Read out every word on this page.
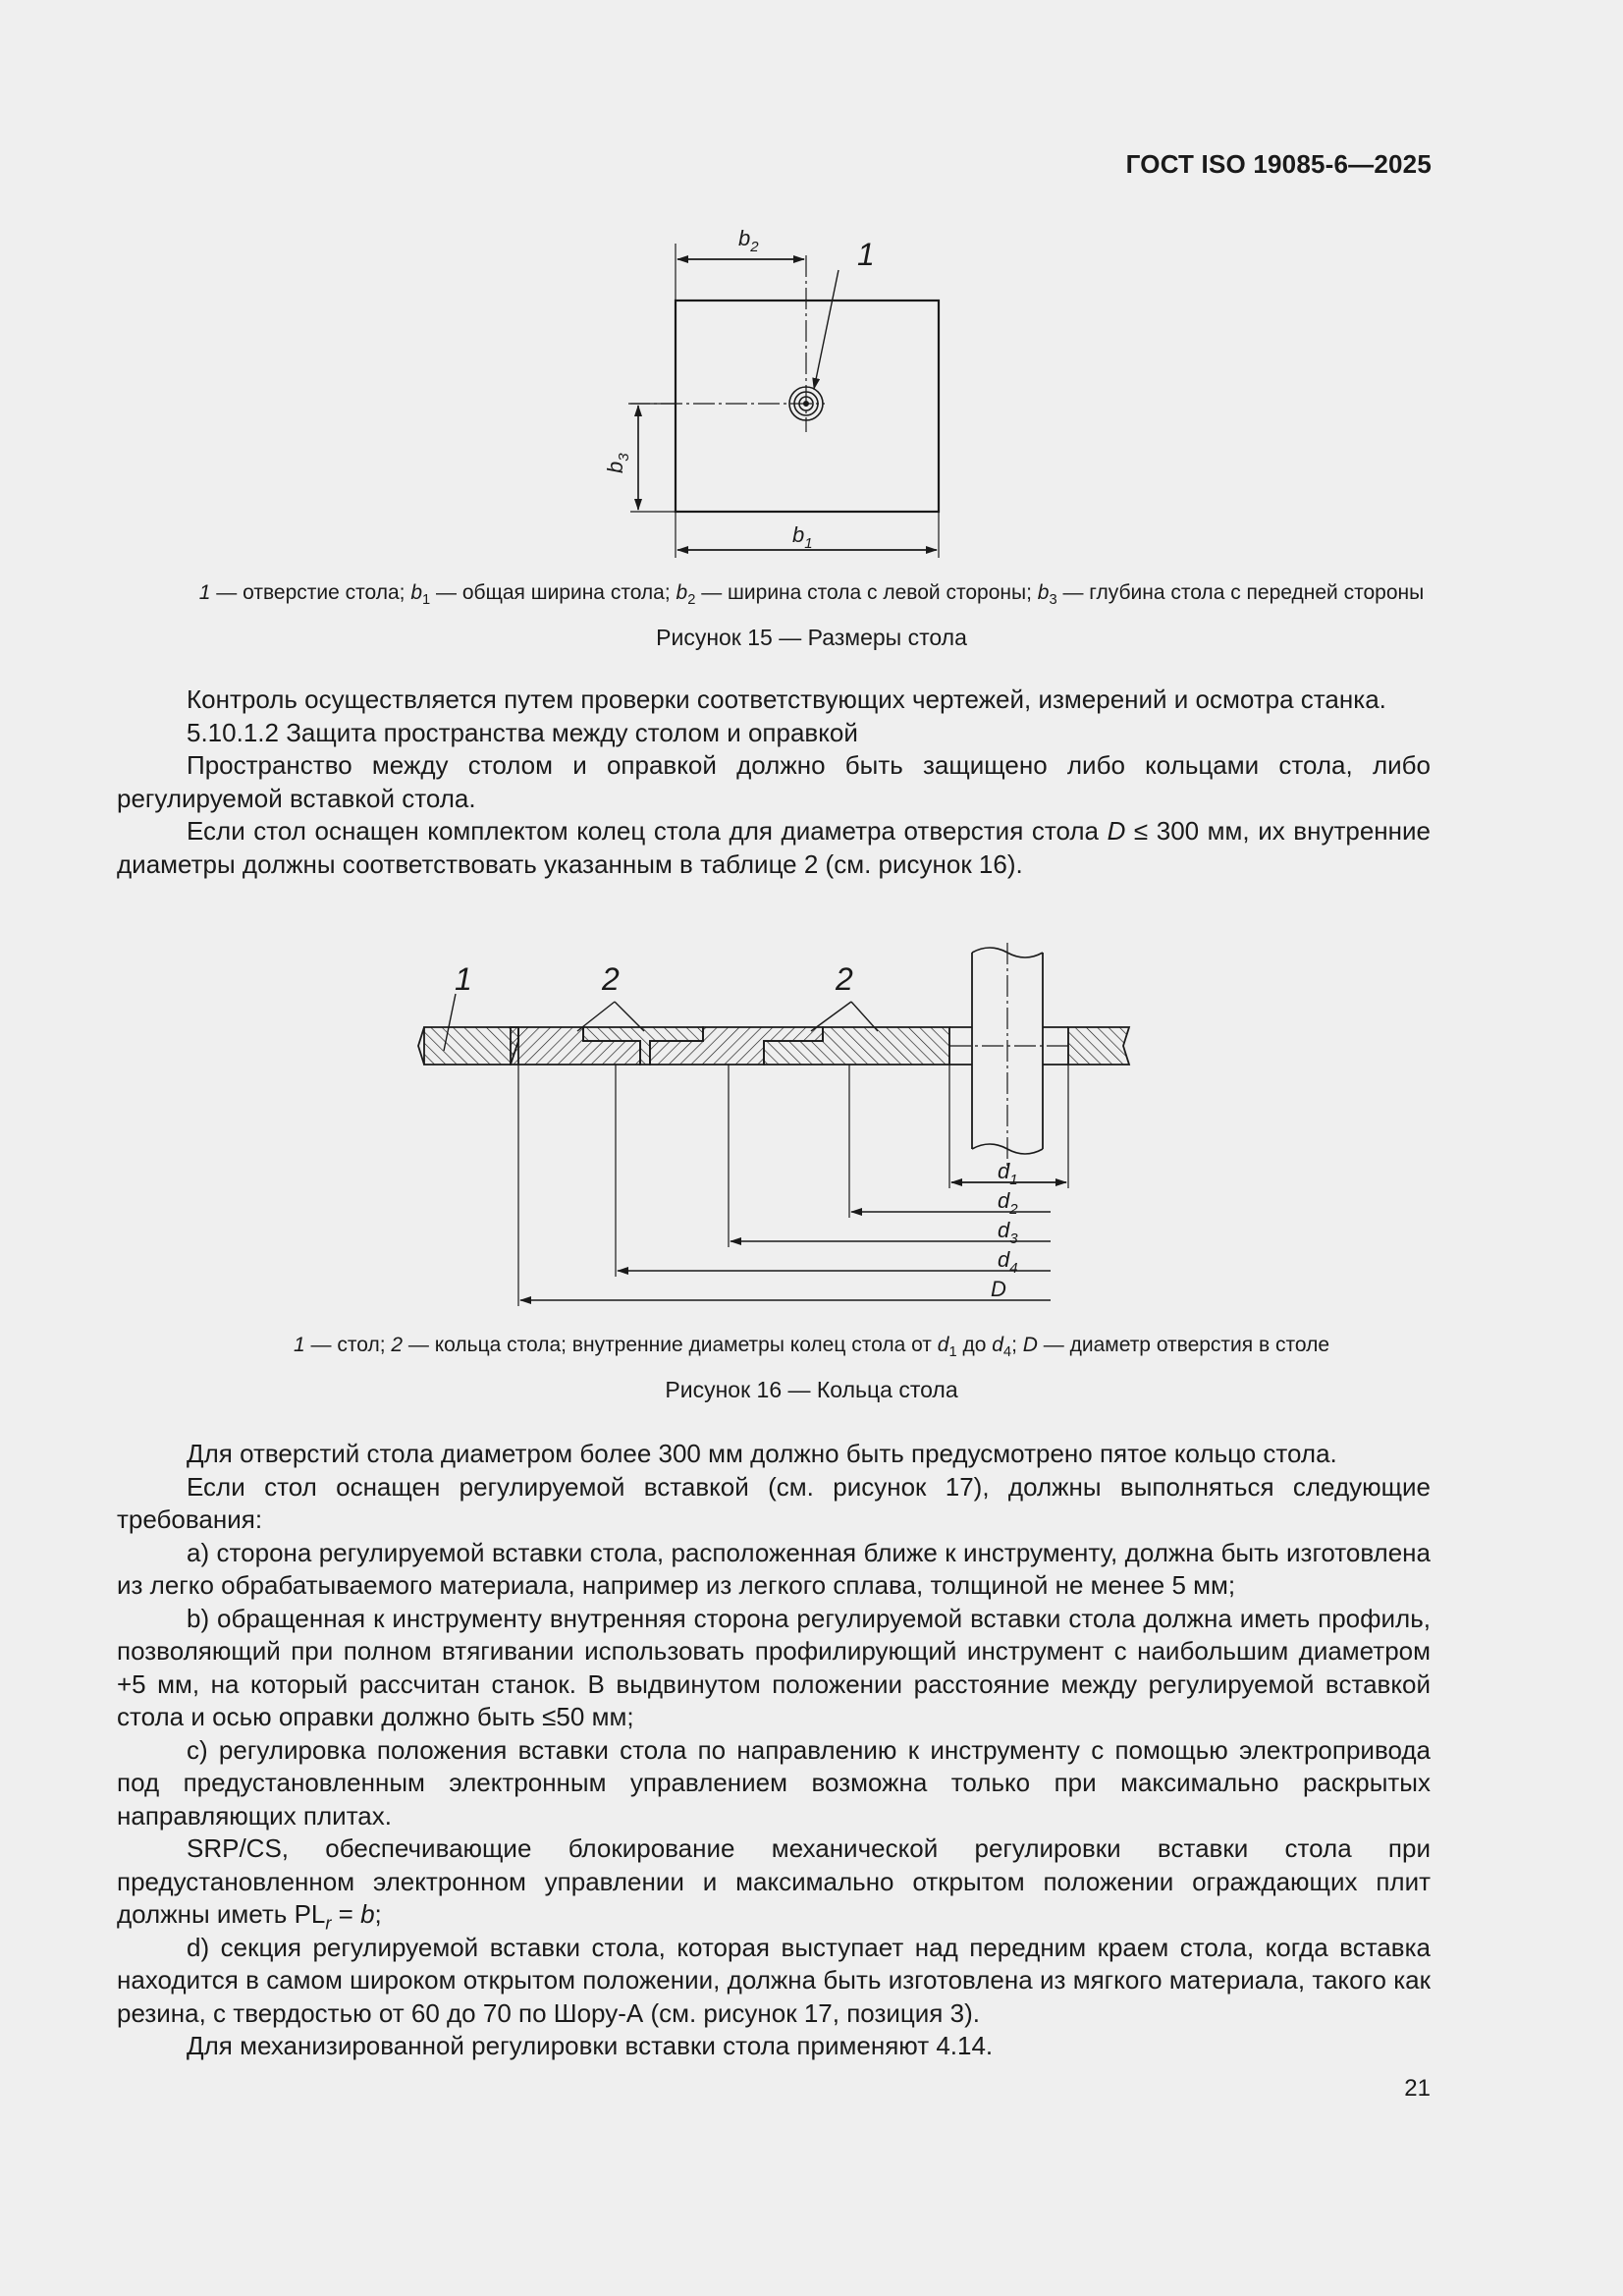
ГОСТ ISO 19085-6—2025
$b_2$
$b_3$
$b_1$
1
1 — отверстие стола; $b_1$ — общая ширина стола; $b_2$ — ширина стола с левой стороны; $b_3$ — глубина стола с передней стороны
Рисунок 15 — Размеры стола

Контроль осуществляется путем проверки соответствующих чертежей, измерений и осмотра станка.

5.10.1.2 Защита пространства между столом и оправкой

Пространство между столом и оправкой должно быть защищено либо кольцами стола, либо регулируемой вставкой стола.

Если стол оснащен комплектом колец стола для диаметра отверстия стола D ≤ 300 мм, их внутренние диаметры должны соответствовать указанным в таблице 2 (см. рисунок 16).

1	2	2
$d_1$
$d_2$
$d_3$
$d_4$
D
1 — стол; 2 — кольца стола; внутренние диаметры колец стола от $d_1$ до $d_4$; D — диаметр отверстия в столе
Рисунок 16 — Кольца стола

Для отверстий стола диаметром более 300 мм должно быть предусмотрено пятое кольцо стола.

Если стол оснащен регулируемой вставкой (см. рисунок 17), должны выполняться следующие требования:

a) сторона регулируемой вставки стола, расположенная ближе к инструменту, должна быть изготовлена из легко обрабатываемого материала, например из легкого сплава, толщиной не менее 5 мм;

b) обращенная к инструменту внутренняя сторона регулируемой вставки стола должна иметь профиль, позволяющий при полном втягивании использовать профилирующий инструмент с наибольшим диаметром +5 мм, на который рассчитан станок. В выдвинутом положении расстояние между регулируемой вставкой стола и осью оправки должно быть ≤50 мм;

c) регулировка положения вставки стола по направлению к инструменту с помощью электропривода под предустановленным электронным управлением возможна только при максимально раскрытых направляющих плитах.

SRP/CS, обеспечивающие блокирование механической регулировки вставки стола при предустановленном электронном управлении и максимально открытом положении ограждающих плит должны иметь $PL_r = b$;

d) секция регулируемой вставки стола, которая выступает над передним краем стола, когда вставка находится в самом широком открытом положении, должна быть изготовлена из мягкого материала, такого как резина, с твердостью от 60 до 70 по Шору-А (см. рисунок 17, позиция 3).

Для механизированной регулировки вставки стола применяют 4.14.

21
